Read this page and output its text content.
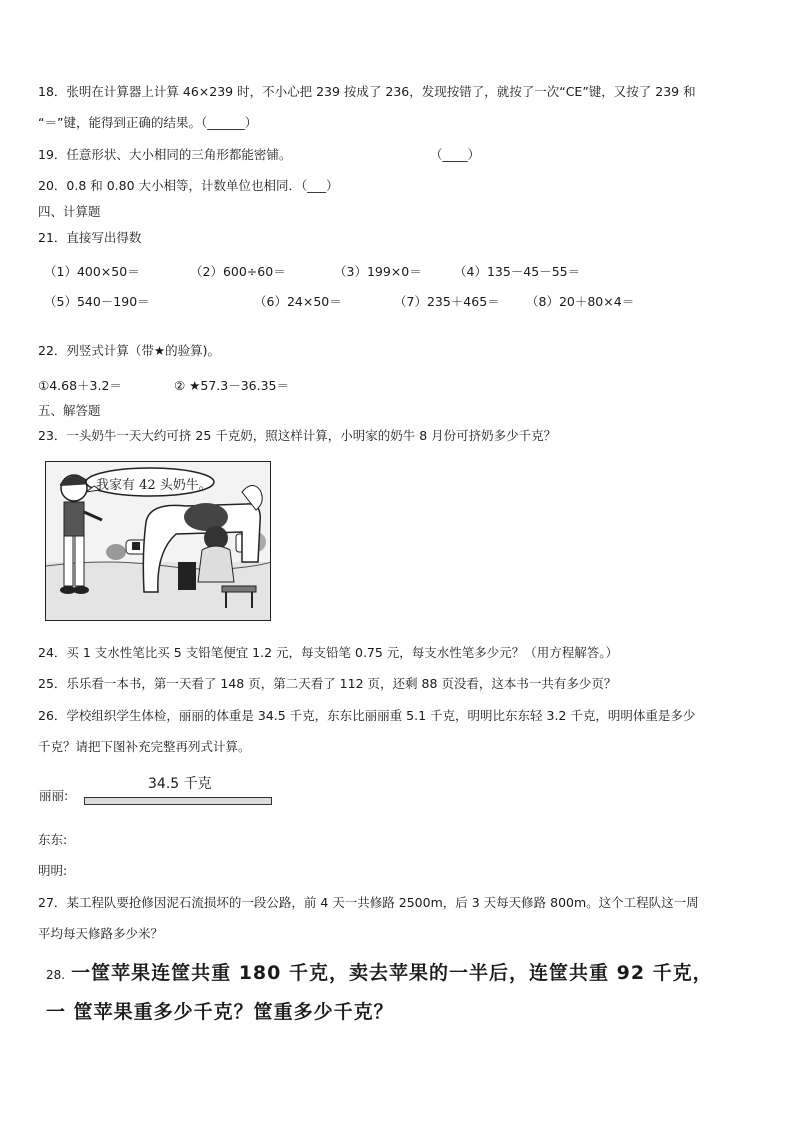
18．张明在计算器上计算 46×239 时，不小心把 239 按成了 236，发现按错了，就按了一次“CE”键，又按了 239 和
“＝”键，能得到正确的结果。（______）
19．任意形状、大小相同的三角形都能密铺。	（____）
20．0.8 和 0.80 大小相等，计数单位也相同．（___）
四、计算题
21．直接写出得数
（1）400×50＝	（2）600÷60＝	（3）199×0＝	（4）135－45－55＝
（5）540－190＝	（6）24×50＝	（7）235＋465＝ （8）20＋80×4＝
22．列竖式计算（带★的验算)。
①4.68＋3.2＝	② ★57.3－36.35＝
五、解答题
23．一头奶牛一天大约可挤 25 千克奶，照这样计算，小明家的奶牛 8 月份可挤奶多少千克？
我家有 42 头奶牛。
24．买 1 支水性笔比买 5 支铅笔便宜 1.2 元，每支铅笔 0.75 元，每支水性笔多少元？（用方程解答。）
25．乐乐看一本书，第一天看了 148 页，第二天看了 112 页，还剩 88 页没看，这本书一共有多少页？
26．学校组织学生体检，丽丽的体重是 34.5 千克，东东比丽丽重 5.1 千克，明明比东东轻 3.2 千克，明明体重是多少
千克？请把下图补充完整再列式计算。
34.5 千克
丽丽:
东东:
明明:
27．某工程队要抢修因泥石流损坏的一段公路，前 4 天一共修路 2500m，后 3 天每天修路 800m。这个工程队这一周
平均每天修路多少米？
28. 一筐苹果连筐共重 180 千克，卖去苹果的一半后，连筐共重 92 千克，
一 筐苹果重多少千克？筐重多少千克？
